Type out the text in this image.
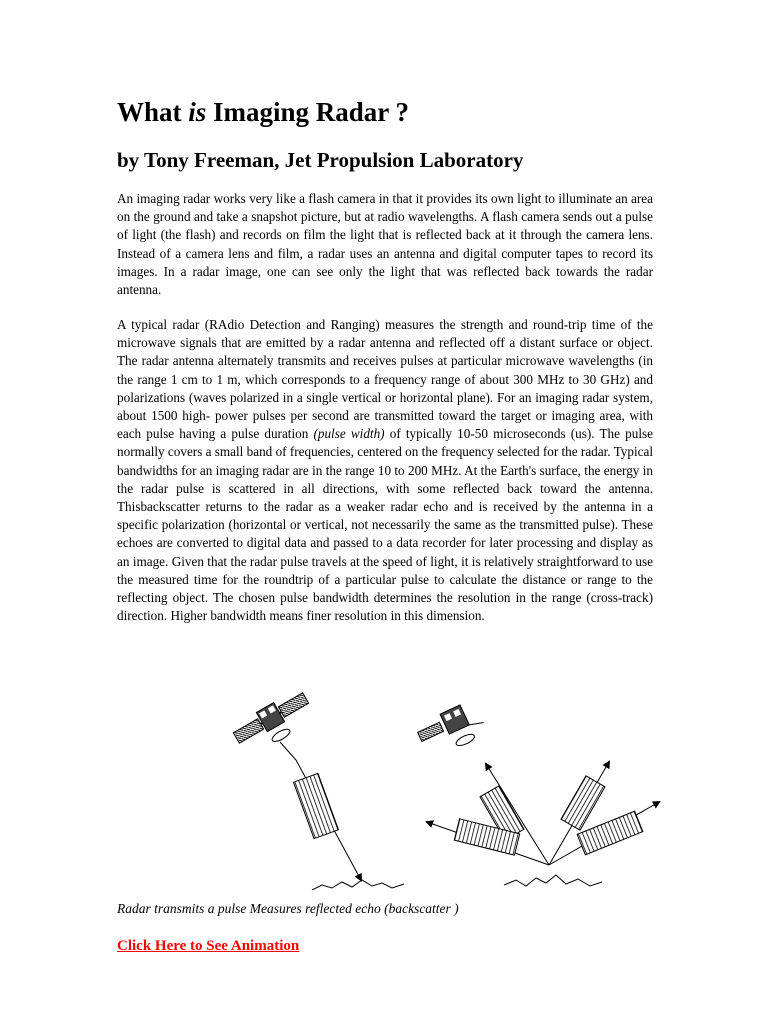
What is Imaging Radar ?
by Tony Freeman, Jet Propulsion Laboratory

An imaging radar works very like a flash camera in that it provides its own light to illuminate an area on the ground and take a snapshot picture, but at radio wavelengths. A flash camera sends out a pulse of light (the flash) and records on film the light that is reflected back at it through the camera lens. Instead of a camera lens and film, a radar uses an antenna and digital computer tapes to record its images. In a radar image, one can see only the light that was reflected back towards the radar antenna.

A typical radar (RAdio Detection and Ranging) measures the strength and round-trip time of the microwave signals that are emitted by a radar antenna and reflected off a distant surface or object. The radar antenna alternately transmits and receives pulses at particular microwave wavelengths (in the range 1 cm to 1 m, which corresponds to a frequency range of about 300 MHz to 30 GHz) and polarizations (waves polarized in a single vertical or horizontal plane). For an imaging radar system, about 1500 high- power pulses per second are transmitted toward the target or imaging area, with each pulse having a pulse duration (pulse width) of typically 10-50 microseconds (us). The pulse normally covers a small band of frequencies, centered on the frequency selected for the radar. Typical bandwidths for an imaging radar are in the range 10 to 200 MHz. At the Earth's surface, the energy in the radar pulse is scattered in all directions, with some reflected back toward the antenna. Thisbackscatter returns to the radar as a weaker radar echo and is received by the antenna in a specific polarization (horizontal or vertical, not necessarily the same as the transmitted pulse). These echoes are converted to digital data and passed to a data recorder for later processing and display as an image. Given that the radar pulse travels at the speed of light, it is relatively straightforward to use the measured time for the roundtrip of a particular pulse to calculate the distance or range to the reflecting object. The chosen pulse bandwidth determines the resolution in the range (cross-track) direction. Higher bandwidth means finer resolution in this dimension.

Radar transmits a pulse Measures reflected echo (backscatter )

Click Here to See Animation
